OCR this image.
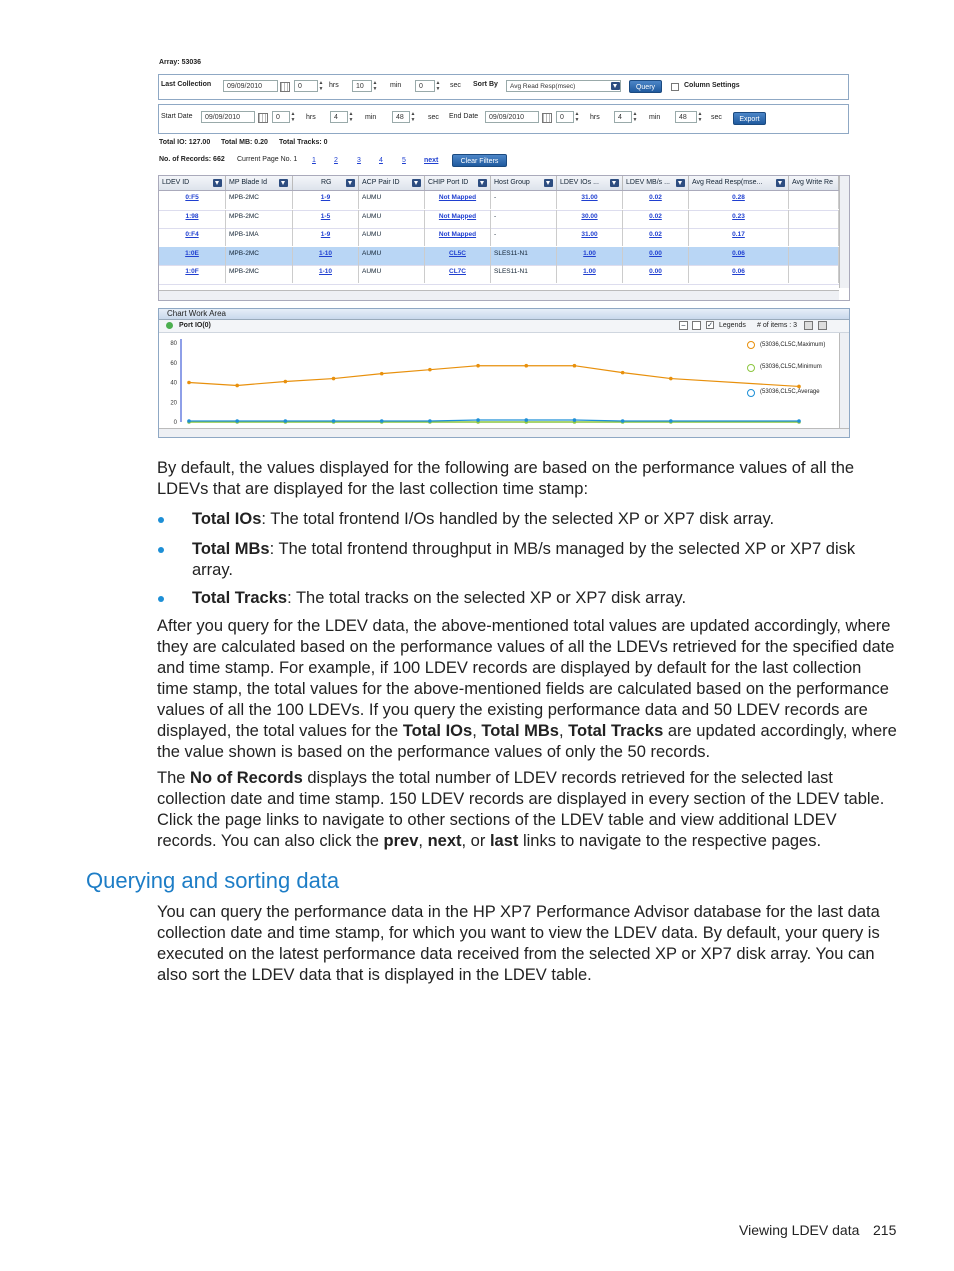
Array: 53036
Last Collection	09/09/2010	0	▲
▼ hrs	10	▲
▼ min	0	▲
▼ sec Sort By	Avg Read Resp(msec)	Query	Column Settings
Start Date	09/09/2010	0	▲
▼ hrs	4	▲
▼ min	48	▲
▼ sec End Date	09/09/2010	0	▲
▼ hrs	4	▲
▼ min	48	▲
▼ sec	Export
Total IO: 127.00 Total MB: 0.20 Total Tracks: 0
No. of Records: 662 Current Page No. 1 1	2	3	4	5	next	Clear Filters
LDEV ID	MP Blade Id	RG	ACP Pair ID	CHIP Port ID	Host Group	LDEV IOs ...	LDEV MB/s ...	Avg Read Resp(mse...	Avg Write Re
0:F5	MPB-2MC	1-9	AUMU	Not Mapped	-	31.00	0.02	0.28
1:98	MPB-2MC	1-5	AUMU	Not Mapped	-	30.00	0.02	0.23
0:F4	MPB-1MA	1-9	AUMU	Not Mapped	-	31.00	0.02	0.17
1:0E	MPB-2MC	1-10	AUMU	CL5C	SLES11-N1	1.00	0.00	0.06
1:0F	MPB-2MC	1-10	AUMU	CL7C	SLES11-N1	1.00	0.00	0.06
Chart Work Area
Port IO(0)	–	✓ Legends # of items : 3
80
60
40
20
0
(53036,CL5C,Maximum)
(53036,CL5C,Minimum
(53036,CL5C,Average
By default, the values displayed for the following are based on the performance values of all the LDEVs that are displayed for the last collection time stamp:
Total IOs: The total frontend I/Os handled by the selected XP or XP7 disk array.
Total MBs: The total frontend throughput in MB/s managed by the selected XP or XP7 disk array.
Total Tracks: The total tracks on the selected XP or XP7 disk array.
After you query for the LDEV data, the above-mentioned total values are updated accordingly, where they are calculated based on the performance values of all the LDEVs retrieved for the specified date and time stamp. For example, if 100 LDEV records are displayed by default for the last collection time stamp, the total values for the above-mentioned fields are calculated based on the performance values of all the 100 LDEVs. If you query the existing performance data and 50 LDEV records are displayed, the total values for the Total IOs, Total MBs, Total Tracks are updated accordingly, where the value shown is based on the performance values of only the 50 records.
The No of Records displays the total number of LDEV records retrieved for the selected last collection date and time stamp. 150 LDEV records are displayed in every section of the LDEV table. Click the page links to navigate to other sections of the LDEV table and view additional LDEV records. You can also click the prev, next, or last links to navigate to the respective pages.
Querying and sorting data
You can query the performance data in the HP XP7 Performance Advisor database for the last data collection date and time stamp, for which you want to view the LDEV data. By default, your query is executed on the latest performance data received from the selected XP or XP7 disk array. You can also sort the LDEV data that is displayed in the LDEV table.
Viewing LDEV data 215
